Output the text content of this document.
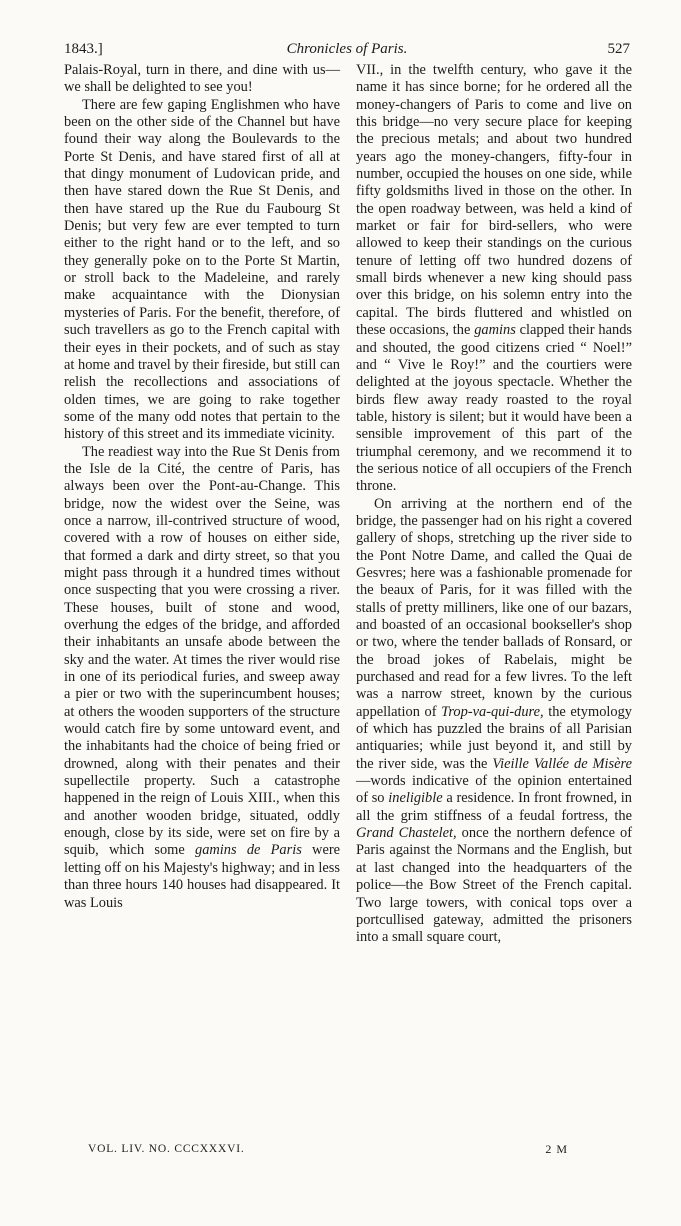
1843.]	Chronicles of Paris.	527

Palais-Royal, turn in there, and dine with us—we shall be delighted to see you!

There are few gaping Englishmen who have been on the other side of the Channel but have found their way along the Boulevards to the Porte St Denis, and have stared first of all at that dingy monument of Ludovican pride, and then have stared down the Rue St Denis, and then have stared up the Rue du Faubourg St Denis; but very few are ever tempted to turn either to the right hand or to the left, and so they generally poke on to the Porte St Martin, or stroll back to the Madeleine, and rarely make acquaintance with the Dionysian mysteries of Paris. For the benefit, therefore, of such travellers as go to the French capital with their eyes in their pockets, and of such as stay at home and travel by their fireside, but still can relish the recollections and associations of olden times, we are going to rake together some of the many odd notes that pertain to the history of this street and its immediate vicinity.

The readiest way into the Rue St Denis from the Isle de la Cité, the centre of Paris, has always been over the Pont-au-Change. This bridge, now the widest over the Seine, was once a narrow, ill-contrived structure of wood, covered with a row of houses on either side, that formed a dark and dirty street, so that you might pass through it a hundred times without once suspecting that you were crossing a river. These houses, built of stone and wood, overhung the edges of the bridge, and afforded their inhabitants an unsafe abode between the sky and the water. At times the river would rise in one of its periodical furies, and sweep away a pier or two with the superincumbent houses; at others the wooden supporters of the structure would catch fire by some untoward event, and the inhabitants had the choice of being fried or drowned, along with their penates and their supellectile property. Such a catastrophe happened in the reign of Louis XIII., when this and another wooden bridge, situated, oddly enough, close by its side, were set on fire by a squib, which some gamins de Paris were letting off on his Majesty's highway; and in less than three hours 140 houses had disappeared. It was Louis

VII., in the twelfth century, who gave it the name it has since borne; for he ordered all the money-changers of Paris to come and live on this bridge—no very secure place for keeping the precious metals; and about two hundred years ago the money-changers, fifty-four in number, occupied the houses on one side, while fifty goldsmiths lived in those on the other. In the open roadway between, was held a kind of market or fair for bird-sellers, who were allowed to keep their standings on the curious tenure of letting off two hundred dozens of small birds whenever a new king should pass over this bridge, on his solemn entry into the capital. The birds fluttered and whistled on these occasions, the gamins clapped their hands and shouted, the good citizens cried “ Noel!” and “ Vive le Roy!” and the courtiers were delighted at the joyous spectacle. Whether the birds flew away ready roasted to the royal table, history is silent; but it would have been a sensible improvement of this part of the triumphal ceremony, and we recommend it to the serious notice of all occupiers of the French throne.

On arriving at the northern end of the bridge, the passenger had on his right a covered gallery of shops, stretching up the river side to the Pont Notre Dame, and called the Quai de Gesvres; here was a fashionable promenade for the beaux of Paris, for it was filled with the stalls of pretty milliners, like one of our bazars, and boasted of an occasional bookseller's shop or two, where the tender ballads of Ronsard, or the broad jokes of Rabelais, might be purchased and read for a few livres. To the left was a narrow street, known by the curious appellation of Trop-va-qui-dure, the etymology of which has puzzled the brains of all Parisian antiquaries; while just beyond it, and still by the river side, was the Vieille Vallée de Misère—words indicative of the opinion entertained of so ineligible a residence. In front frowned, in all the grim stiffness of a feudal fortress, the Grand Chastelet, once the northern defence of Paris against the Normans and the English, but at last changed into the headquarters of the police—the Bow Street of the French capital. Two large towers, with conical tops over a portcullised gateway, admitted the prisoners into a small square court,

VOL. LIV. NO. CCCXXXVI.	2 M
